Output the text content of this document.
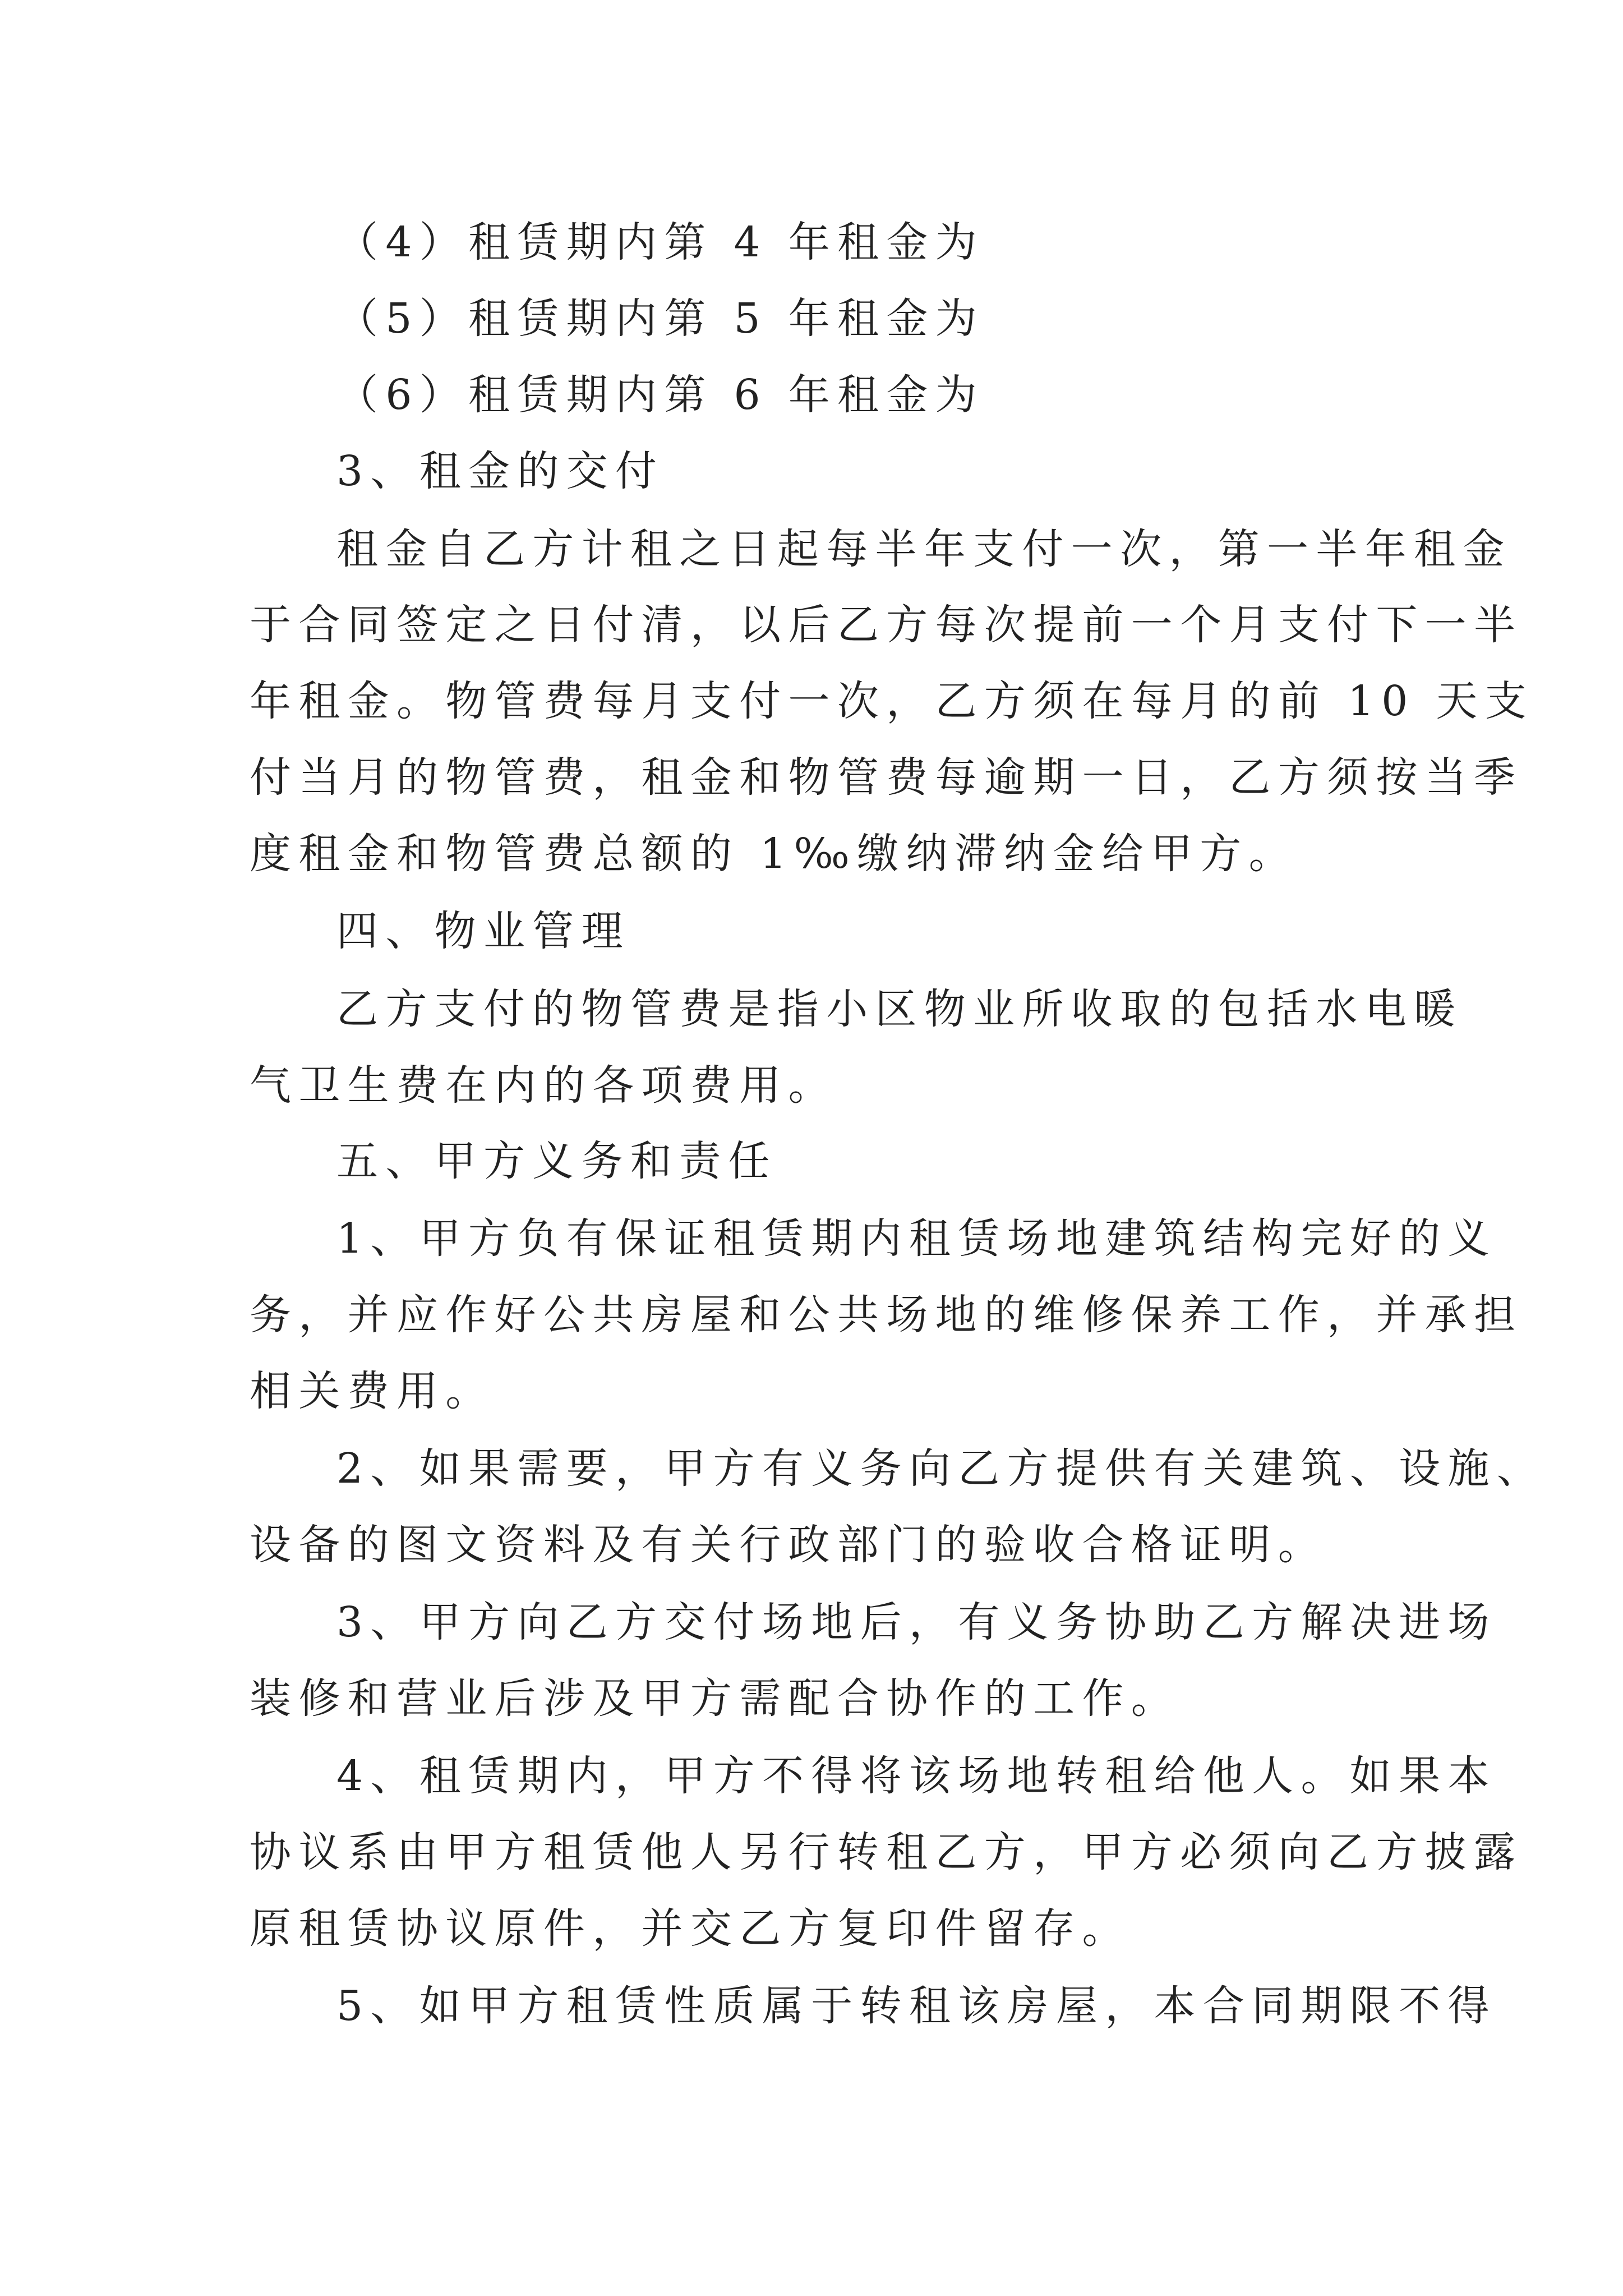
（4）租赁期内第 4 年租金为
（5）租赁期内第 5 年租金为
（6）租赁期内第 6 年租金为
3、租金的交付
租金自乙方计租之日起每半年支付一次，第一半年租金
于合同签定之日付清，以后乙方每次提前一个月支付下一半
年租金。物管费每月支付一次，乙方须在每月的前 10 天支
付当月的物管费，租金和物管费每逾期一日，乙方须按当季
度租金和物管费总额的 1‰缴纳滞纳金给甲方。
四、物业管理
乙方支付的物管费是指小区物业所收取的包括水电暖
气卫生费在内的各项费用。
五、甲方义务和责任
1、甲方负有保证租赁期内租赁场地建筑结构完好的义
务，并应作好公共房屋和公共场地的维修保养工作，并承担
相关费用。
2、如果需要，甲方有义务向乙方提供有关建筑、设施、
设备的图文资料及有关行政部门的验收合格证明。
3、甲方向乙方交付场地后，有义务协助乙方解决进场
装修和营业后涉及甲方需配合协作的工作。
4、租赁期内，甲方不得将该场地转租给他人。如果本
协议系由甲方租赁他人另行转租乙方，甲方必须向乙方披露
原租赁协议原件，并交乙方复印件留存。
5、如甲方租赁性质属于转租该房屋，本合同期限不得
